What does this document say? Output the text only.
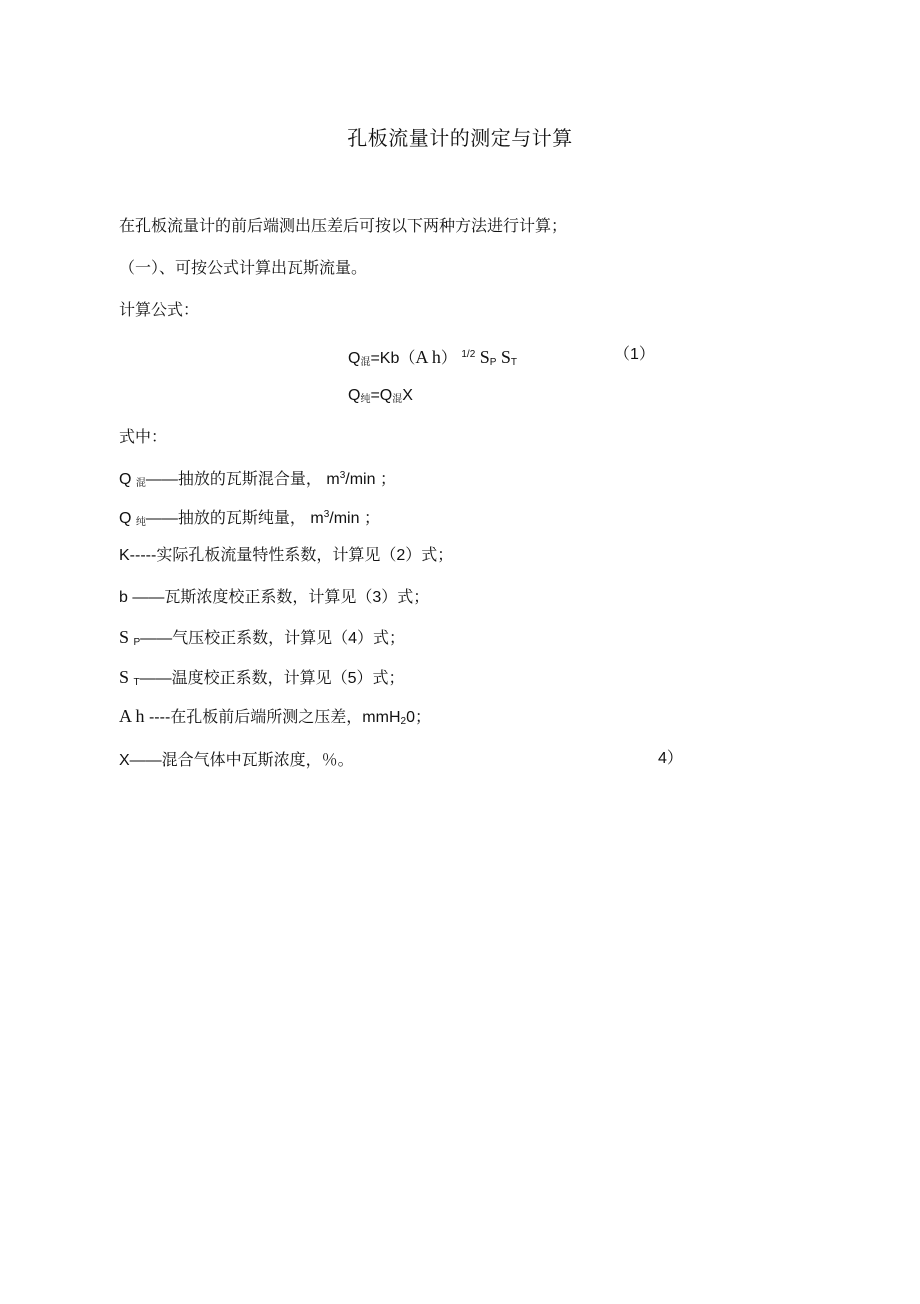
孔板流量计的测定与计算
在孔板流量计的前后端测出压差后可按以下两种方法进行计算；
（一）、可按公式计算出瓦斯流量。
计算公式：
$Q_混=Kb(A$ h） $^{1/2}$ $S_P$ $S_T$	（1）
$Q_纯=Q_混X$
式中：
Q $_混$——抽放的瓦斯混合量， $m^3/\min$ ；
Q $_纯$——抽放的瓦斯纯量， $m^3/\min$ ；
K-----实际孔板流量特性系数，计算见（2）式；
b ——瓦斯浓度校正系数，计算见（3）式；
S $_P$——气压校正系数，计算见（4）式；
S $_T$——温度校正系数，计算见（5）式；
A h ----在孔板前后端所测之压差，mmH$_2$0；
X——混合气体中瓦斯浓度，％。	4）
